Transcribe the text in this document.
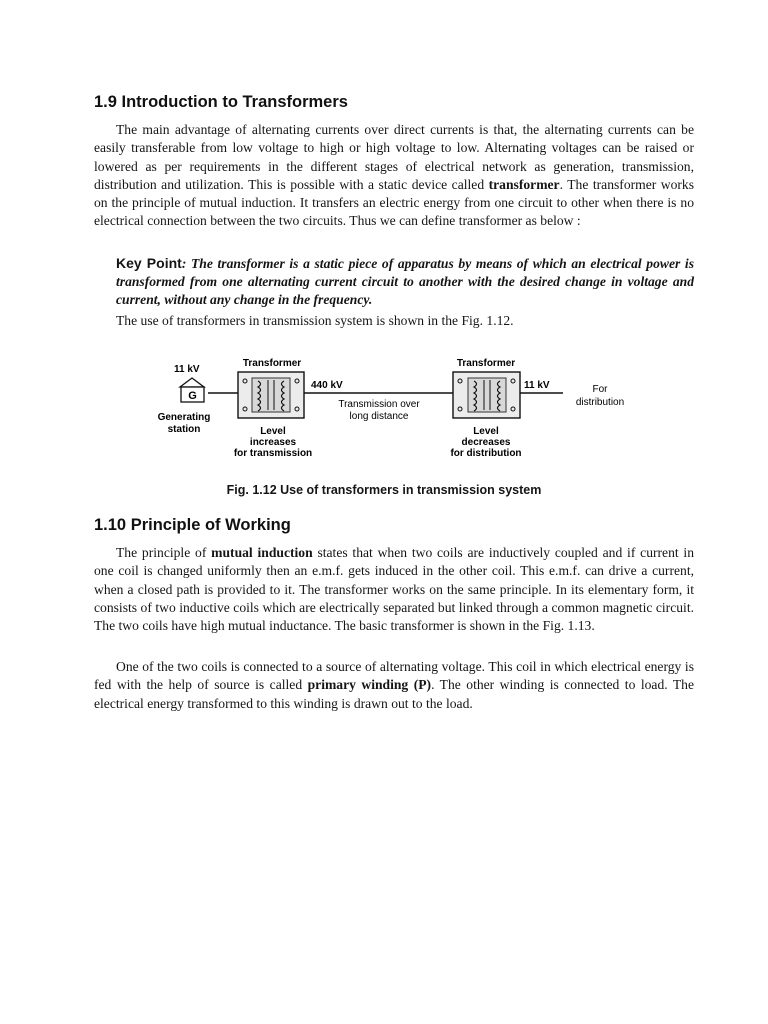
1.9 Introduction to Transformers

The main advantage of alternating currents over direct currents is that, the alternating currents can be easily transferable from low voltage to high or high voltage to low. Alternating voltages can be raised or lowered as per requirements in the different stages of electrical network as generation, transmission, distribution and utilization. This is possible with a static device called transformer. The transformer works on the principle of mutual induction. It transfers an electric energy from one circuit to other when there is no electrical connection between the two circuits. Thus we can define transformer as below :

Key Point: The transformer is a static piece of apparatus by means of which an electrical power is transformed from one alternating current circuit to another with the desired change in voltage and current, without any change in the frequency.

The use of transformers in transmission system is shown in the Fig. 1.12.

G
11 kV
Generating
station
Transformer
Level
increases
for transmission
440 kV
Transmission over
long distance
Transformer
Level
decreases
for distribution
11 kV	For
distribution

Fig. 1.12 Use of transformers in transmission system

1.10 Principle of Working

The principle of mutual induction states that when two coils are inductively coupled and if current in one coil is changed uniformly then an e.m.f. gets induced in the other coil. This e.m.f. can drive a current, when a closed path is provided to it. The transformer works on the same principle. In its elementary form, it consists of two inductive coils which are electrically separated but linked through a common magnetic circuit. The two coils have high mutual inductance. The basic transformer is shown in the Fig. 1.13.

One of the two coils is connected to a source of alternating voltage. This coil in which electrical energy is fed with the help of source is called primary winding (P). The other winding is connected to load. The electrical energy transformed to this winding is drawn out to the load.
